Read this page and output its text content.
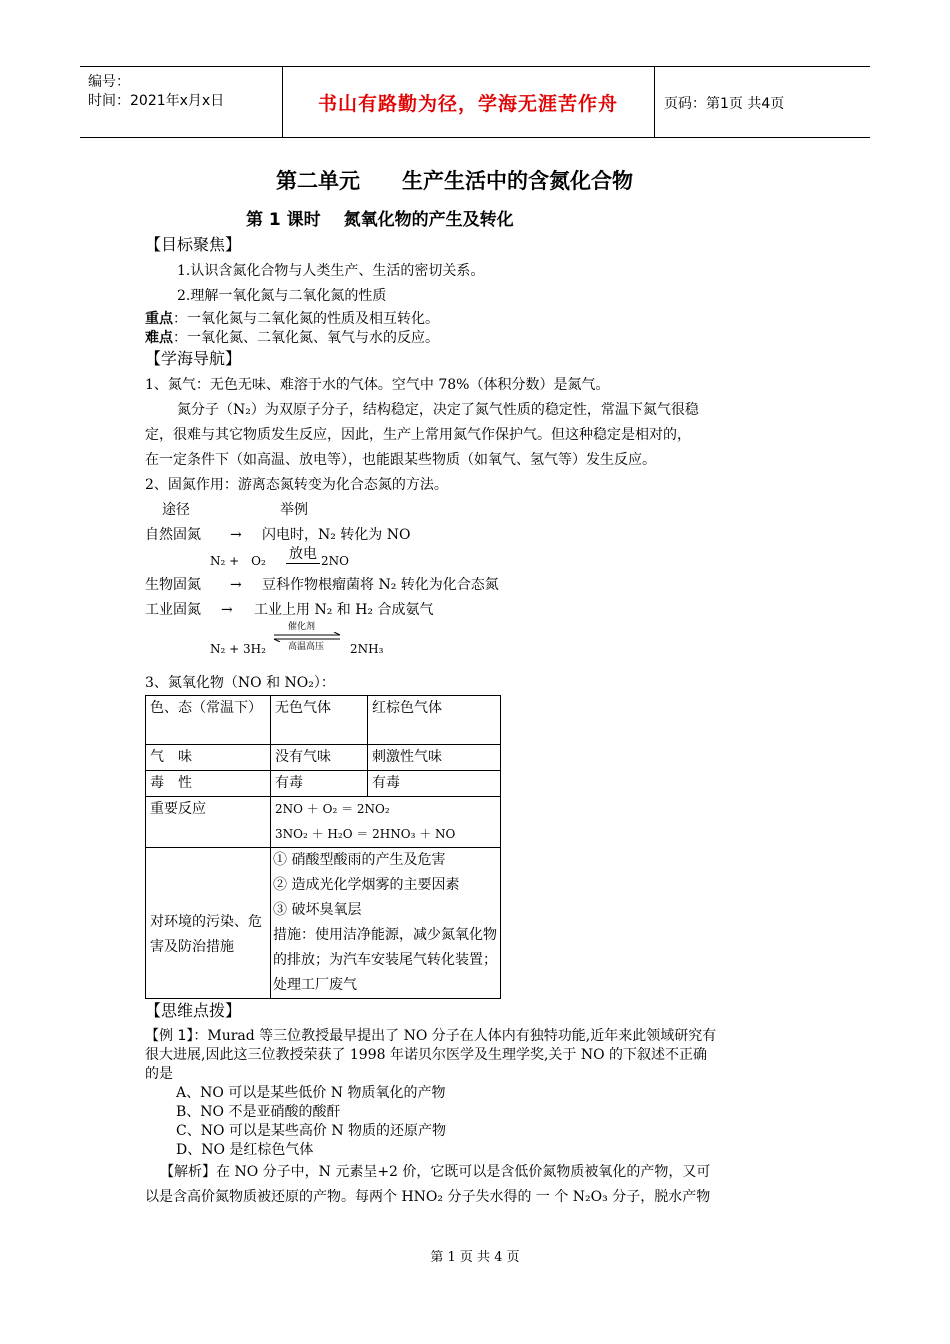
编号：
时间：2021年x月x日	书山有路勤为径，学海无涯苦作舟	页码：第1页 共4页
第二单元　　生产生活中的含氮化合物
第 1 课时　 氮氧化物的产生及转化
【目标聚焦】
1.认识含氮化合物与人类生产、生活的密切关系。
2.理解一氧化氮与二氧化氮的性质
重点：一氧化氮与二氧化氮的性质及相互转化。
难点：一氧化氮、二氧化氮、氧气与水的反应。
【学海导航】
1、氮气：无色无味、难溶于水的气体。空气中 78%（体积分数）是氮气。
氮分子（N₂）为双原子分子，结构稳定，决定了氮气性质的稳定性，常温下氮气很稳
定，很难与其它物质发生反应，因此，生产上常用氮气作保护气。但这种稳定是相对的，
在一定条件下（如高温、放电等），也能跟某些物质（如氧气、氢气等）发生反应。
2、固氮作用：游离态氮转变为化合态氮的方法。
途径	举例
自然固氮 → 闪电时，N₂ 转化为 NO
N₂ +　O₂ 放电 2NO
生物固氮 → 豆科作物根瘤菌将 N₂ 转化为化合态氮
工业固氮 → 工业上用 N₂ 和 H₂ 合成氨气
N₂ + 3H₂
催化剂
高温高压 2NH₃
3、氮氧化物（NO 和 NO₂）：
色、态（常温下）	无色气体	红棕色气体
气　味	没有气味	刺激性气味
毒　性	有毒	有毒
重要反应	2NO ＋ O₂ ＝ 2NO₂
3NO₂ ＋ H₂O ＝ 2HNO₃ ＋ NO	

对环境的污染、危害及防治措施	① 硝酸型酸雨的产生及危害
② 造成光化学烟雾的主要因素
③ 破坏臭氧层
措施：使用洁净能源，减少氮氧化物的排放；为汽车安装尾气转化装置；处理工厂废气	
【思维点拨】
【例 1】：Murad 等三位教授最早提出了 NO 分子在人体内有独特功能,近年来此领域研究有
很大进展,因此这三位教授荣获了 1998 年诺贝尔医学及生理学奖,关于 NO 的下叙述不正确
的是
A、NO 可以是某些低价 N 物质氧化的产物
B、NO 不是亚硝酸的酸酐
C、NO 可以是某些高价 N 物质的还原产物
D、NO 是红棕色气体
【解析】在 NO 分子中，N 元素呈+2 价，它既可以是含低价氮物质被氧化的产物，又可
以是含高价氮物质被还原的产物。每两个 HNO₂ 分子失水得的 一 个 N₂O₃ 分子，脱水产物
第 1 页 共 4 页
